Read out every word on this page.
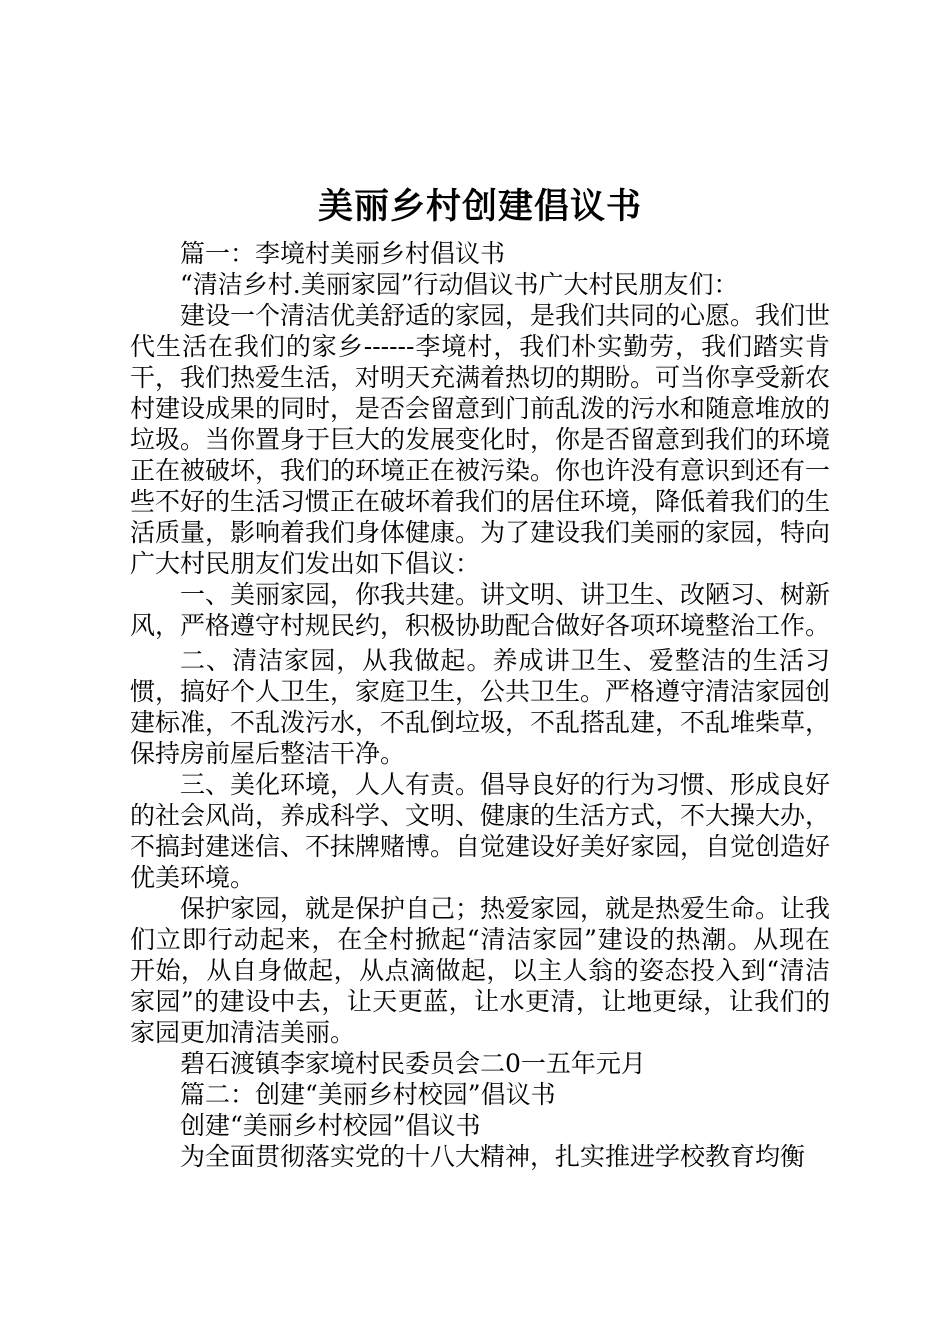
美丽乡村创建倡议书

篇一：李境村美丽乡村倡议书

“清洁乡村.美丽家园”行动倡议书广大村民朋友们：

建设一个清洁优美舒适的家园，是我们共同的心愿。我们世代生活在我们的家乡------李境村，我们朴实勤劳，我们踏实肯干，我们热爱生活，对明天充满着热切的期盼。可当你享受新农村建设成果的同时，是否会留意到门前乱泼的污水和随意堆放的垃圾。当你置身于巨大的发展变化时，你是否留意到我们的环境正在被破坏，我们的环境正在被污染。你也许没有意识到还有一些不好的生活习惯正在破坏着我们的居住环境，降低着我们的生活质量，影响着我们身体健康。为了建设我们美丽的家园，特向广大村民朋友们发出如下倡议：

一、美丽家园，你我共建。讲文明、讲卫生、改陋习、树新风，严格遵守村规民约，积极协助配合做好各项环境整治工作。

二、清洁家园，从我做起。养成讲卫生、爱整洁的生活习惯，搞好个人卫生，家庭卫生，公共卫生。严格遵守清洁家园创建标准，不乱泼污水，不乱倒垃圾，不乱搭乱建，不乱堆柴草，保持房前屋后整洁干净。

三、美化环境，人人有责。倡导良好的行为习惯、形成良好的社会风尚，养成科学、文明、健康的生活方式，不大操大办，不搞封建迷信、不抹牌赌博。自觉建设好美好家园，自觉创造好优美环境。

保护家园，就是保护自己；热爱家园，就是热爱生命。让我们立即行动起来，在全村掀起“清洁家园”建设的热潮。从现在开始，从自身做起，从点滴做起，以主人翁的姿态投入到“清洁家园”的建设中去，让天更蓝，让水更清，让地更绿，让我们的家园更加清洁美丽。

碧石渡镇李家境村民委员会二0一五年元月

篇二：创建“美丽乡村校园”倡议书

创建“美丽乡村校园”倡议书

为全面贯彻落实党的十八大精神，扎实推进学校教育均衡
